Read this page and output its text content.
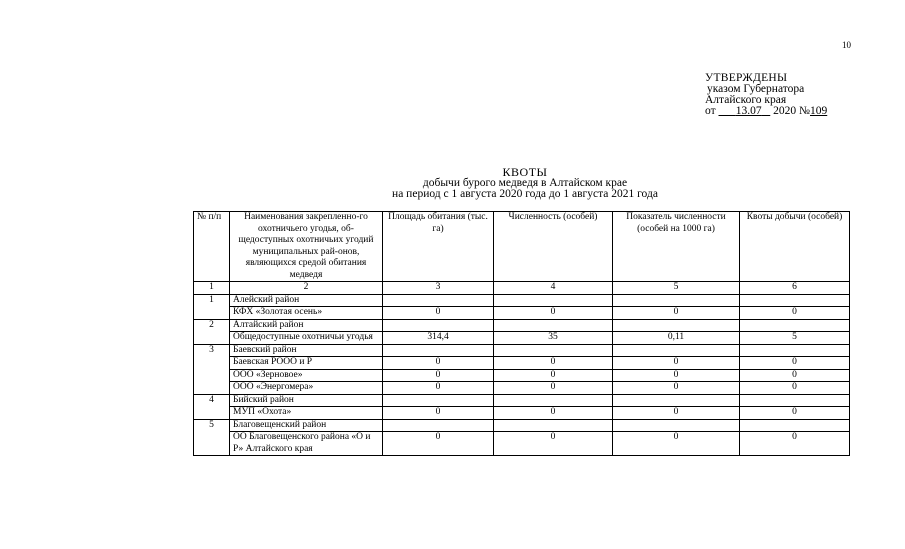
10
УТВЕРЖДЕНЫ
указом Губернатора
Алтайского края
от 13.07 2020 №109
КВОТЫ
добычи бурого медведя в Алтайском крае
на период с 1 августа 2020 года до 1 августа 2021 года
№ п/п	Наименования закрепленно-го охотничьего угодья, об-щедоступных охотничьих угодий муниципальных рай-онов, являющихся средой обитания медведя	Площадь обитания (тыс. га)	Численность (особей)	Показатель численности (особей на 1000 га)	Квоты добычи (особей)
1	2	3	4	5	6
1	Алейский район				
	КФХ «Золотая осень»	0	0	0	0
2	Алтайский район				
	Общедоступные охотничьи угодья	314,4	35	0,11	5
3	Баевский район				
	Баевская РООО и Р	0	0	0	0
	ООО «Зерновое»	0	0	0	0
	ООО «Энергомера»	0	0	0	0
4	Бийский район				
	МУП «Охота»	0	0	0	0
5	Благовещенский район				
	ОО Благовещенского района «О и Р» Алтайского края	0	0	0	0
